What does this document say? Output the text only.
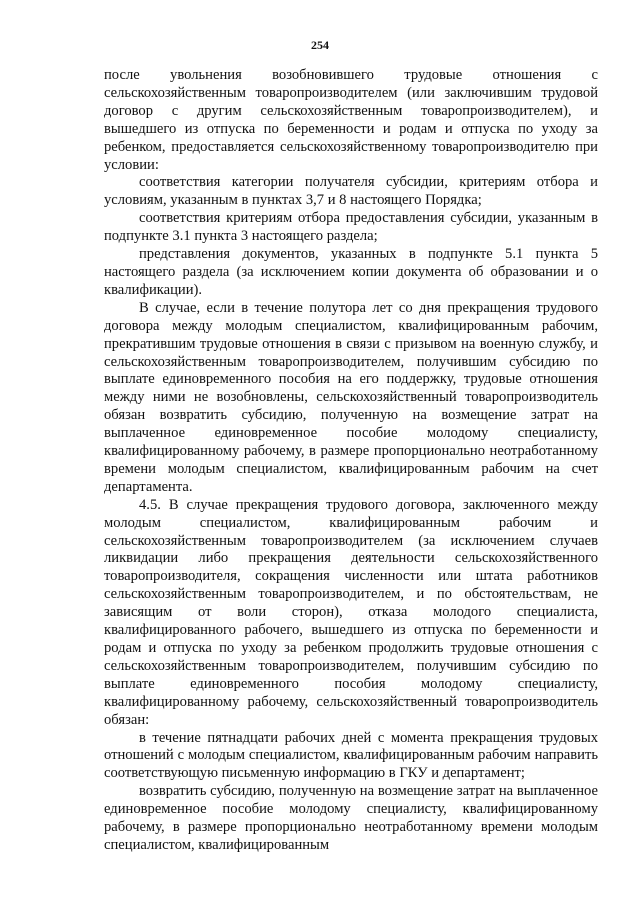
254

после увольнения возобновившего трудовые отношения с сельскохозяйственным товаропроизводителем (или заключившим трудовой договор с другим сельскохозяйственным товаропроизводителем), и вышедшего из отпуска по беременности и родам и отпуска по уходу за ребенком, предоставляется сельскохозяйственному товаропроизводителю при условии:

соответствия категории получателя субсидии, критериям отбора и условиям, указанным в пунктах 3,7 и 8 настоящего Порядка;

соответствия критериям отбора предоставления субсидии, указанным в подпункте 3.1 пункта 3 настоящего раздела;

представления документов, указанных в подпункте 5.1 пункта 5 настоящего раздела (за исключением копии документа об образовании и о квалификации).

В случае, если в течение полутора лет со дня прекращения трудового договора между молодым специалистом, квалифицированным рабочим, прекратившим трудовые отношения в связи с призывом на военную службу, и сельскохозяйственным товаропроизводителем, получившим субсидию по выплате единовременного пособия на его поддержку, трудовые отношения между ними не возобновлены, сельскохозяйственный товаропроизводитель обязан возвратить субсидию, полученную на возмещение затрат на выплаченное единовременное пособие молодому специалисту, квалифицированному рабочему, в размере пропорционально неотработанному времени молодым специалистом, квалифицированным рабочим на счет департамента.

4.5. В случае прекращения трудового договора, заключенного между молодым специалистом, квалифицированным рабочим и сельскохозяйственным товаропроизводителем (за исключением случаев ликвидации либо прекращения деятельности сельскохозяйственного товаропроизводителя, сокращения численности или штата работников сельскохозяйственным товаропроизводителем, и по обстоятельствам, не зависящим от воли сторон), отказа молодого специалиста, квалифицированного рабочего, вышедшего из отпуска по беременности и родам и отпуска по уходу за ребенком продолжить трудовые отношения с сельскохозяйственным товаропроизводителем, получившим субсидию по выплате единовременного пособия молодому специалисту, квалифицированному рабочему, сельскохозяйственный товаропроизводитель обязан:

в течение пятнадцати рабочих дней с момента прекращения трудовых отношений с молодым специалистом, квалифицированным рабочим направить соответствующую письменную информацию в ГКУ и департамент;

возвратить субсидию, полученную на возмещение затрат на выплаченное единовременное пособие молодому специалисту, квалифицированному рабочему, в размере пропорционально неотработанному времени молодым специалистом, квалифицированным
